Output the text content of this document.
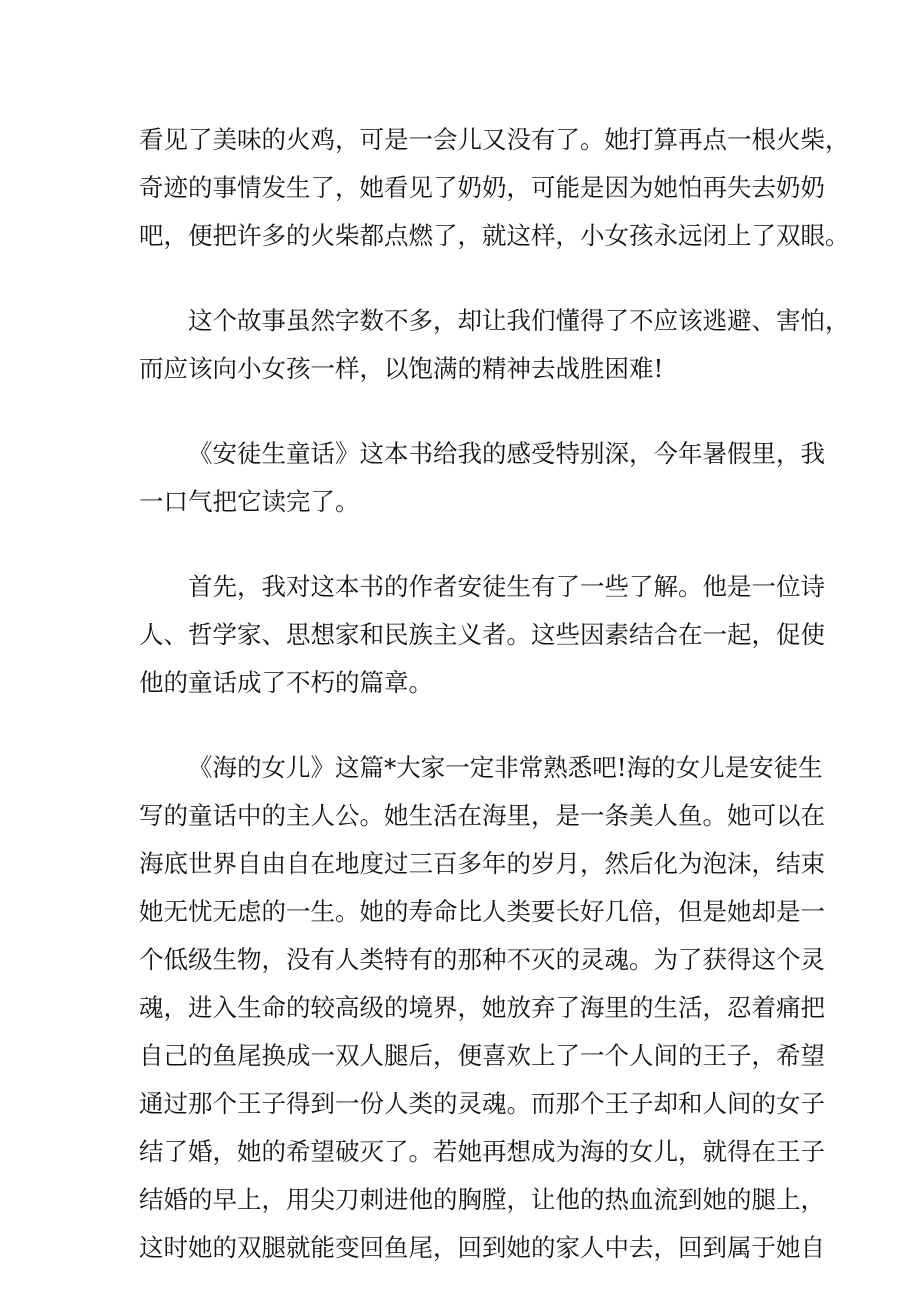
看见了美味的火鸡，可是一会儿又没有了。她打算再点一根火柴，
奇迹的事情发生了，她看见了奶奶，可能是因为她怕再失去奶奶
吧，便把许多的火柴都点燃了，就这样，小女孩永远闭上了双眼。

这个故事虽然字数不多，却让我们懂得了不应该逃避、害怕，
而应该向小女孩一样，以饱满的精神去战胜困难!

《安徒生童话》这本书给我的感受特别深，今年暑假里，我
一口气把它读完了。

首先，我对这本书的作者安徒生有了一些了解。他是一位诗
人、哲学家、思想家和民族主义者。这些因素结合在一起，促使
他的童话成了不朽的篇章。

《海的女儿》这篇*大家一定非常熟悉吧!海的女儿是安徒生
写的童话中的主人公。她生活在海里，是一条美人鱼。她可以在
海底世界自由自在地度过三百多年的岁月，然后化为泡沫，结束
她无忧无虑的一生。她的寿命比人类要长好几倍，但是她却是一
个低级生物，没有人类特有的那种不灭的灵魂。为了获得这个灵
魂，进入生命的较高级的境界，她放弃了海里的生活，忍着痛把
自己的鱼尾换成一双人腿后，便喜欢上了一个人间的王子，希望
通过那个王子得到一份人类的灵魂。而那个王子却和人间的女子
结了婚，她的希望破灭了。若她再想成为海的女儿，就得在王子
结婚的早上，用尖刀刺进他的胸膛，让他的热血流到她的腿上，
这时她的双腿就能变回鱼尾，回到她的家人中去，回到属于她自
